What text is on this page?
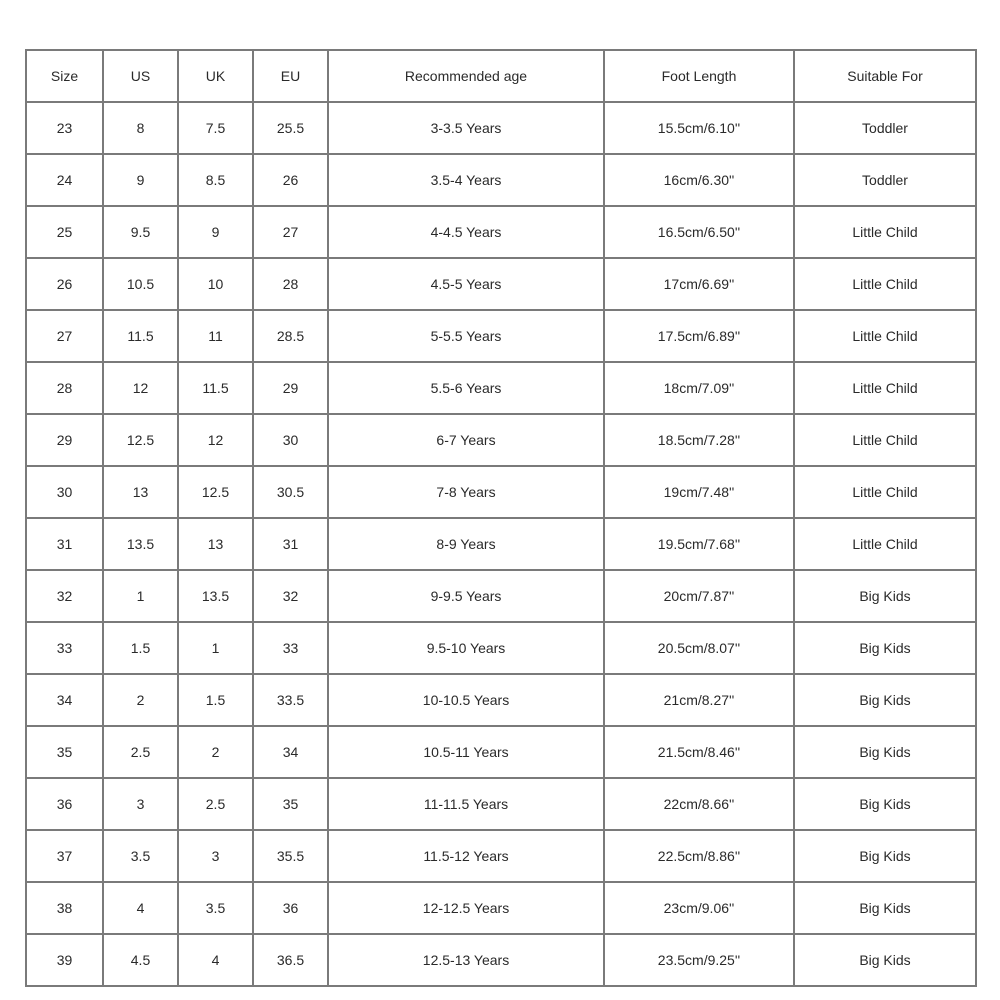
Size	US	UK	EU	Recommended age	Foot Length	Suitable For
23	8	7.5	25.5	3-3.5 Years	15.5cm/6.10''	Toddler
24	9	8.5	26	3.5-4 Years	16cm/6.30''	Toddler
25	9.5	9	27	4-4.5 Years	16.5cm/6.50''	Little Child
26	10.5	10	28	4.5-5 Years	17cm/6.69''	Little Child
27	11.5	11	28.5	5-5.5 Years	17.5cm/6.89''	Little Child
28	12	11.5	29	5.5-6 Years	18cm/7.09''	Little Child
29	12.5	12	30	6-7 Years	18.5cm/7.28''	Little Child
30	13	12.5	30.5	7-8 Years	19cm/7.48''	Little Child
31	13.5	13	31	8-9 Years	19.5cm/7.68''	Little Child
32	1	13.5	32	9-9.5 Years	20cm/7.87''	Big Kids
33	1.5	1	33	9.5-10 Years	20.5cm/8.07''	Big Kids
34	2	1.5	33.5	10-10.5 Years	21cm/8.27''	Big Kids
35	2.5	2	34	10.5-11 Years	21.5cm/8.46''	Big Kids
36	3	2.5	35	11-11.5 Years	22cm/8.66''	Big Kids
37	3.5	3	35.5	11.5-12 Years	22.5cm/8.86''	Big Kids
38	4	3.5	36	12-12.5 Years	23cm/9.06''	Big Kids
39	4.5	4	36.5	12.5-13 Years	23.5cm/9.25''	Big Kids
